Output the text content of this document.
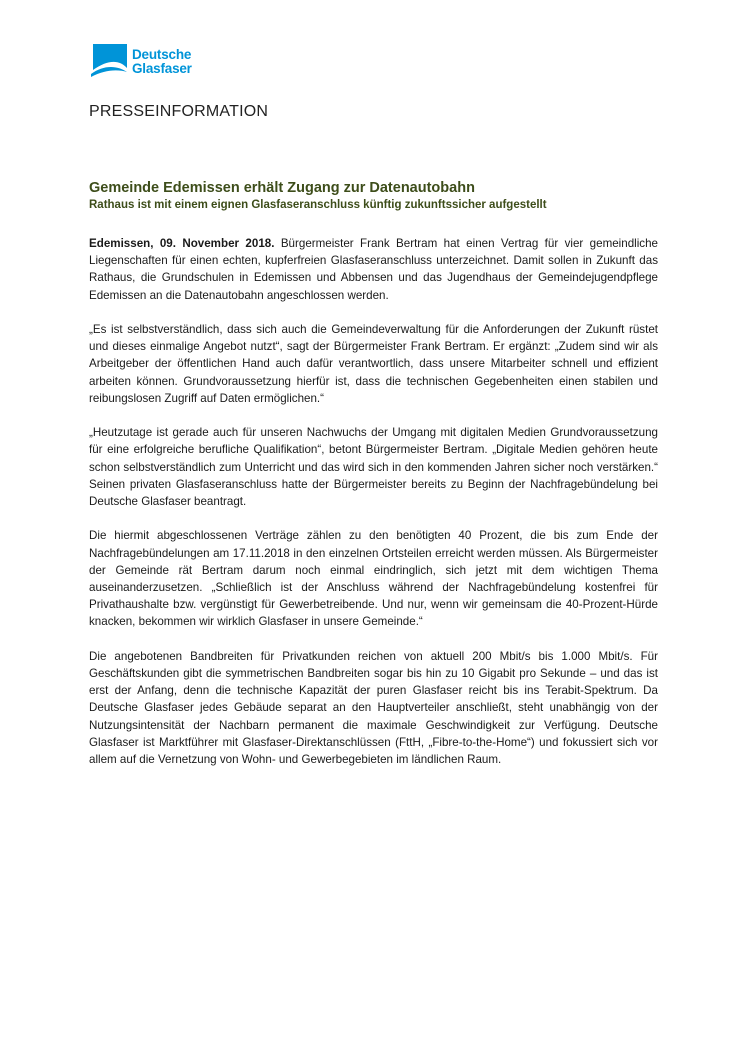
Deutsche
Glasfaser
PRESSEINFORMATION
Gemeinde Edemissen erhält Zugang zur Datenautobahn
Rathaus ist mit einem eignen Glasfaseranschluss künftig zukunftssicher aufgestellt

Edemissen, 09. November 2018. Bürgermeister Frank Bertram hat einen Vertrag für vier gemeindliche Liegenschaften für einen echten, kupferfreien Glasfaseranschluss unterzeichnet. Damit sollen in Zukunft das Rathaus, die Grundschulen in Edemissen und Abbensen und das Jugendhaus der Gemeindejugendpflege Edemissen an die Datenautobahn angeschlossen werden.

„Es ist selbstverständlich, dass sich auch die Gemeindeverwaltung für die Anforderungen der Zukunft rüstet und dieses einmalige Angebot nutzt“, sagt der Bürgermeister Frank Bertram. Er ergänzt: „Zudem sind wir als Arbeitgeber der öffentlichen Hand auch dafür verantwortlich, dass unsere Mitarbeiter schnell und effizient arbeiten können. Grundvoraussetzung hierfür ist, dass die technischen Gegebenheiten einen stabilen und reibungslosen Zugriff auf Daten ermöglichen.“

„Heutzutage ist gerade auch für unseren Nachwuchs der Umgang mit digitalen Medien Grundvoraussetzung für eine erfolgreiche berufliche Qualifikation“, betont Bürgermeister Bertram. „Digitale Medien gehören heute schon selbstverständlich zum Unterricht und das wird sich in den kommenden Jahren sicher noch verstärken.“ Seinen privaten Glasfaseranschluss hatte der Bürgermeister bereits zu Beginn der Nachfragebündelung bei Deutsche Glasfaser beantragt.

Die hiermit abgeschlossenen Verträge zählen zu den benötigten 40 Prozent, die bis zum Ende der Nachfragebündelungen am 17.11.2018 in den einzelnen Ortsteilen erreicht werden müssen. Als Bürgermeister der Gemeinde rät Bertram darum noch einmal eindringlich, sich jetzt mit dem wichtigen Thema auseinanderzusetzen. „Schließlich ist der Anschluss während der Nachfragebündelung kostenfrei für Privathaushalte bzw. vergünstigt für Gewerbetreibende. Und nur, wenn wir gemeinsam die 40-Prozent-Hürde knacken, bekommen wir wirklich Glasfaser in unsere Gemeinde.“

Die angebotenen Bandbreiten für Privatkunden reichen von aktuell 200 Mbit/s bis 1.000 Mbit/s. Für Geschäftskunden gibt die symmetrischen Bandbreiten sogar bis hin zu 10 Gigabit pro Sekunde – und das ist erst der Anfang, denn die technische Kapazität der puren Glasfaser reicht bis ins Terabit-Spektrum. Da Deutsche Glasfaser jedes Gebäude separat an den Hauptverteiler anschließt, steht unabhängig von der Nutzungsintensität der Nachbarn permanent die maximale Geschwindigkeit zur Verfügung. Deutsche Glasfaser ist Marktführer mit Glasfaser-Direktanschlüssen (FttH, „Fibre-to-the-Home“) und fokussiert sich vor allem auf die Vernetzung von Wohn- und Gewerbegebieten im ländlichen Raum.
